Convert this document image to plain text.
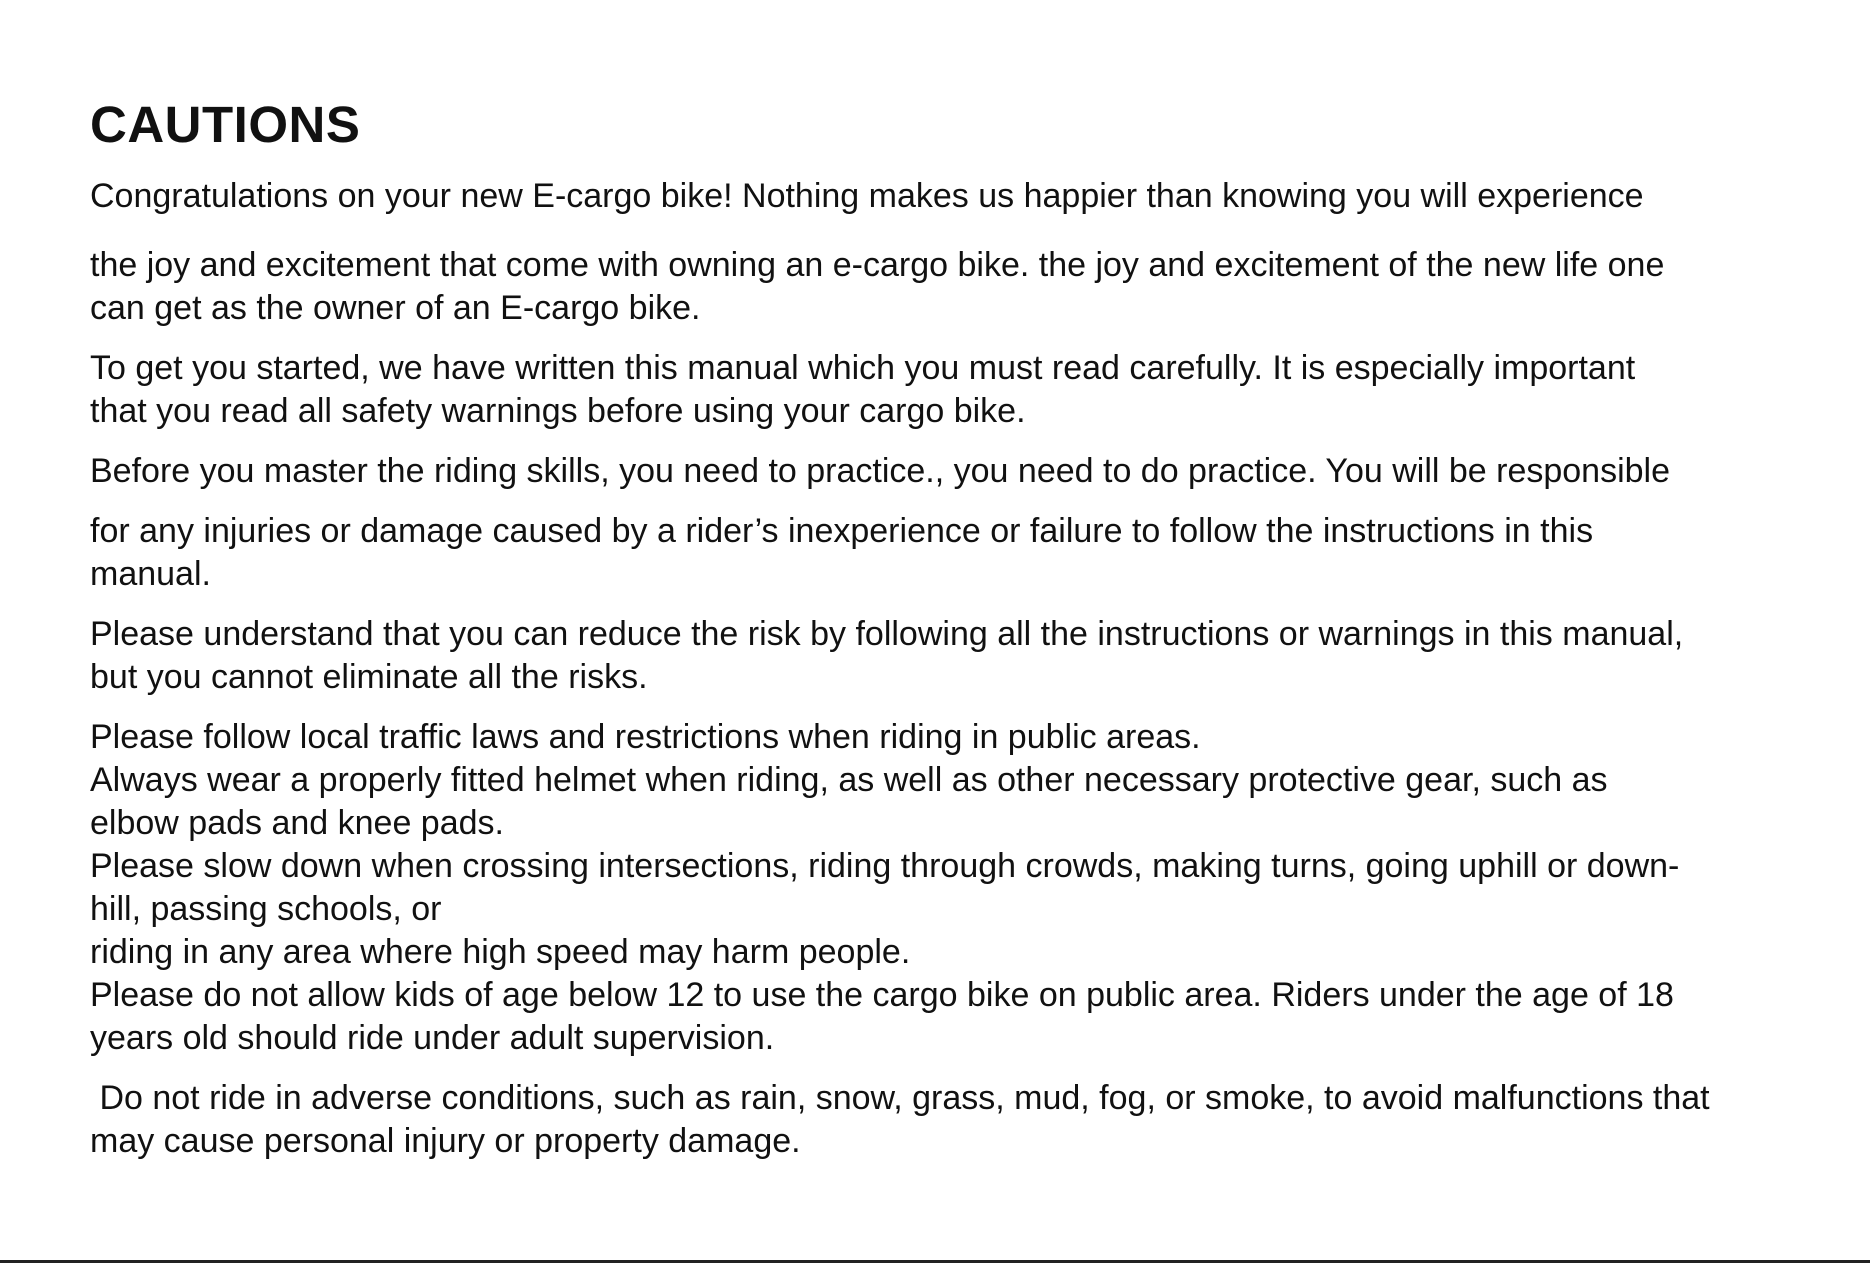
CAUTIONS

Congratulations on your new E-cargo bike! Nothing makes us happier than knowing you will experience

the joy and excitement that come with owning an e-cargo bike. the joy and excitement of the new life one

can get as the owner of an E-cargo bike.

To get you started, we have written this manual which you must read carefully. It is especially important

that you read all safety warnings before using your cargo bike.

Before you master the riding skills, you need to practice., you need to do practice. You will be responsible

for any injuries or damage caused by a rider’s inexperience or failure to follow the instructions in this

manual.

Please understand that you can reduce the risk by following all the instructions or warnings in this manual,

but you cannot eliminate all the risks.

Please follow local traffic laws and restrictions when riding in public areas.

Always wear a properly fitted helmet when riding, as well as other necessary protective gear, such as

elbow pads and knee pads.

Please slow down when crossing intersections, riding through crowds, making turns, going uphill or down-

hill, passing schools, or

riding in any area where high speed may harm people.

Please do not allow kids of age below 12 to use the cargo bike on public area. Riders under the age of 18

years old should ride under adult supervision.

Do not ride in adverse conditions, such as rain, snow, grass, mud, fog, or smoke, to avoid malfunctions that

may cause personal injury or property damage.
